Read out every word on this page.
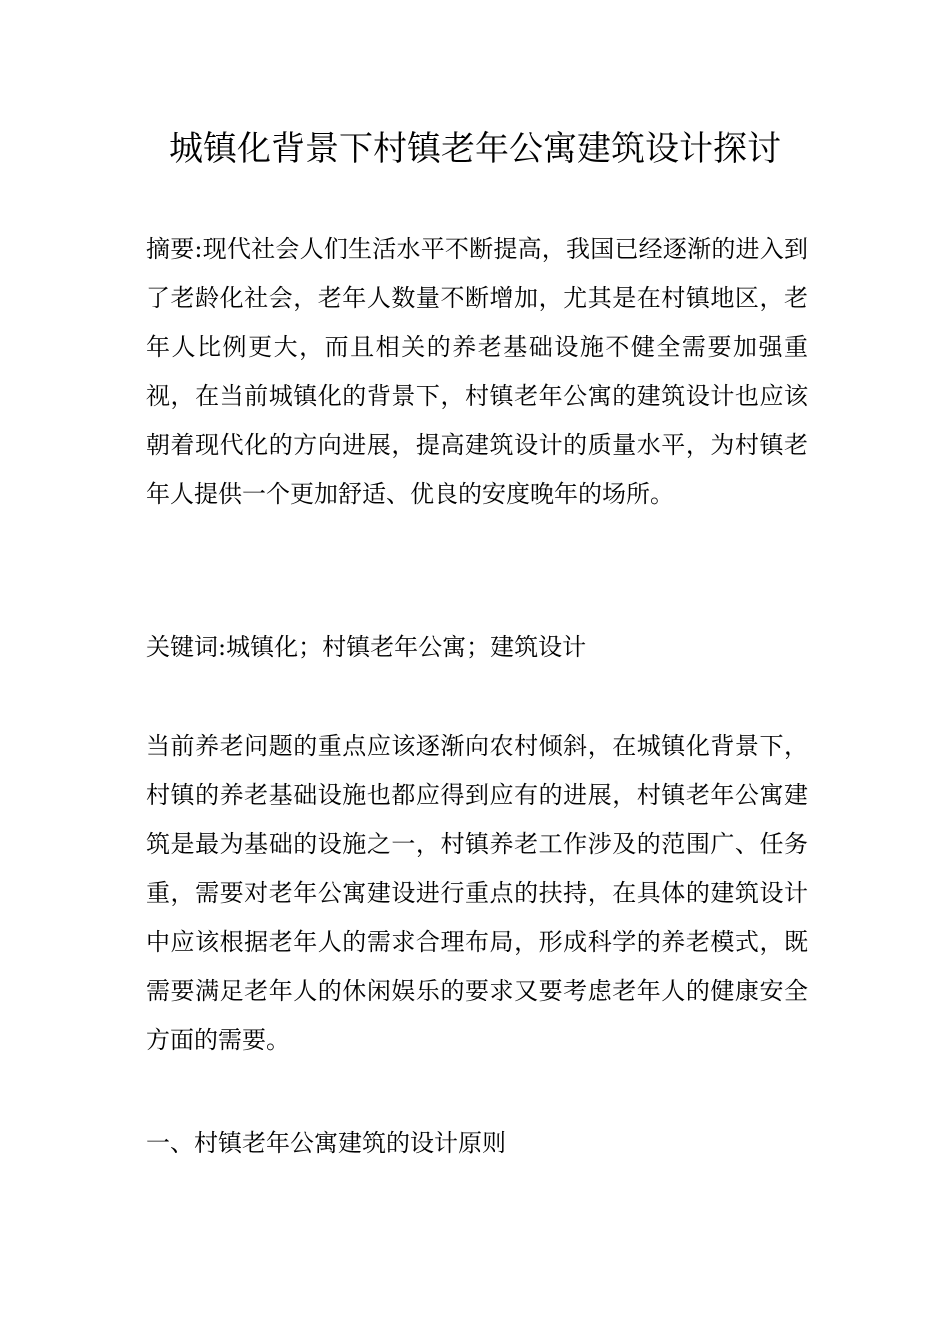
城镇化背景下村镇老年公寓建筑设计探讨

摘要:现代社会人们生活水平不断提高，我国已经逐渐的进入到了老龄化社会，老年人数量不断增加，尤其是在村镇地区，老年人比例更大，而且相关的养老基础设施不健全需要加强重视，在当前城镇化的背景下，村镇老年公寓的建筑设计也应该朝着现代化的方向进展，提高建筑设计的质量水平，为村镇老年人提供一个更加舒适、优良的安度晚年的场所。

关键词:城镇化；村镇老年公寓；建筑设计

当前养老问题的重点应该逐渐向农村倾斜，在城镇化背景下，村镇的养老基础设施也都应得到应有的进展，村镇老年公寓建筑是最为基础的设施之一，村镇养老工作涉及的范围广、任务重，需要对老年公寓建设进行重点的扶持，在具体的建筑设计中应该根据老年人的需求合理布局，形成科学的养老模式，既需要满足老年人的休闲娱乐的要求又要考虑老年人的健康安全方面的需要。

一、村镇老年公寓建筑的设计原则
